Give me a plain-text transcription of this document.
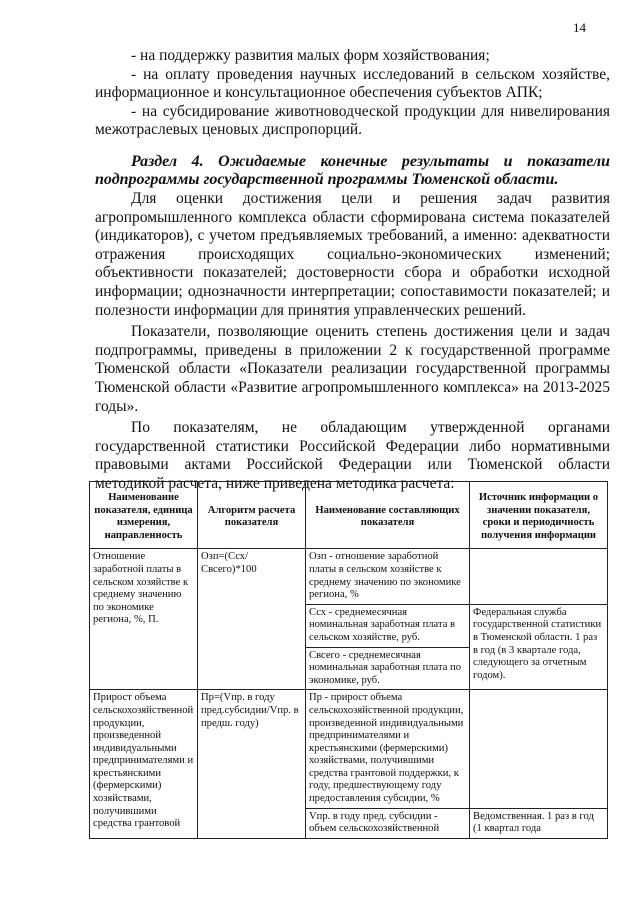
14

- на поддержку развития малых форм хозяйствования;

- на оплату проведения научных исследований в сельском хозяйстве, информационное и консультационное обеспечения субъектов АПК;

- на субсидирование животноводческой продукции для нивелирования межотраслевых ценовых диспропорций.

Раздел 4. Ожидаемые конечные результаты и показатели подпрограммы государственной программы Тюменской области.

Для оценки достижения цели и решения задач развития агропромышленного комплекса области сформирована система показателей (индикаторов), с учетом предъявляемых требований, а именно: адекватности отражения происходящих социально-экономических изменений; объективности показателей; достоверности сбора и обработки исходной информации; однозначности интерпретации; сопоставимости показателей; и полезности информации для принятия управленческих решений.

Показатели, позволяющие оценить степень достижения цели и задач подпрограммы, приведены в приложении 2 к государственной программе Тюменской области «Показатели реализации государственной программы Тюменской области «Развитие агропромышленного комплекса» на 2013-2025 годы».

По показателям, не обладающим утвержденной органами государственной статистики Российской Федерации либо нормативными правовыми актами Российской Федерации или Тюменской области методикой расчета, ниже приведена методика расчета:

Наименование показателя, единица измерения, направленность	Алгоритм расчета показателя	Наименование составляющих показателя	Источник информации о значении показателя, сроки и периодичность получения информации
Отношение заработной платы в сельском хозяйстве к среднему значению по экономике региона, %, П.	Озп=(Ссх/Свсего)*100	Озп - отношение заработной платы в сельском хозяйстве к среднему значению по экономике региона, %	
		Ссх - среднемесячная номинальная заработная плата в сельском хозяйстве, руб.	Федеральная служба государственной статистики в Тюменской области. 1 раз в год (в 3 квартале года, следующего за отчетным годом).
		Свсего - среднемесячная номинальная заработная плата по экономике, руб.	
Прирост объема сельскохозяйственной продукции, произведенной индивидуальными предпринимателями и крестьянскими (фермерскими) хозяйствами, получившими средства грантовой	Пр=(Vпр. в году пред.субсидии/Vпр. в предш. году)	Пр - прирост объема сельскохозяйственной продукции, произведенной индивидуальными предпринимателями и крестьянскими (фермерскими) хозяйствами, получившими средства грантовой поддержки, к году, предшествующему году предоставления субсидии, %	
		Vпр. в году пред. субсидии - объем сельскохозяйственной	Ведомственная. 1 раз в год (1 квартал года
